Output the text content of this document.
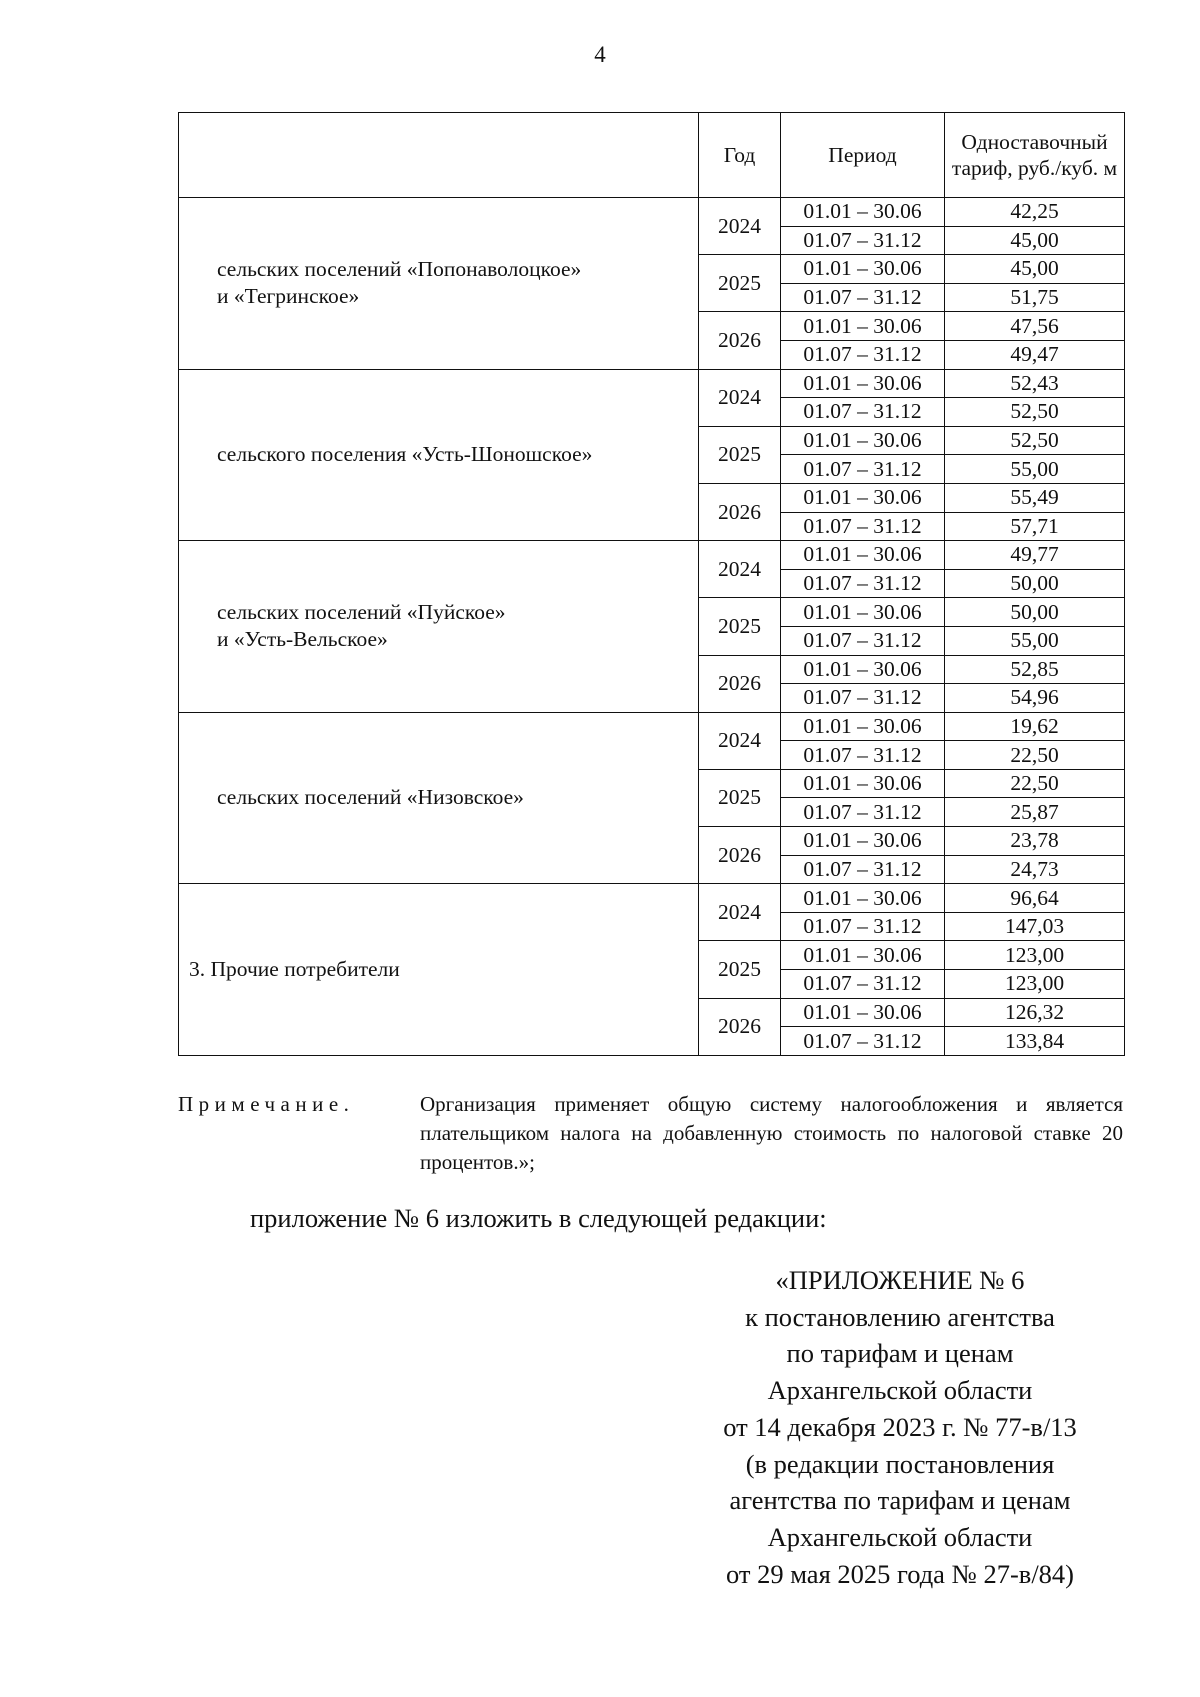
4
	Год	Период	Одноставочный тариф, руб./куб. м
сельских поселений «Попонаволоцкое»
и «Тегринское»	2024	01.01 – 30.06	42,25
		01.07 – 31.12	45,00
	2025	01.01 – 30.06	45,00
		01.07 – 31.12	51,75
	2026	01.01 – 30.06	47,56
		01.07 – 31.12	49,47
сельского поселения «Усть-Шоношское»	2024	01.01 – 30.06	52,43
		01.07 – 31.12	52,50
	2025	01.01 – 30.06	52,50
		01.07 – 31.12	55,00
	2026	01.01 – 30.06	55,49
		01.07 – 31.12	57,71
сельских поселений «Пуйское»
и «Усть-Вельское»	2024	01.01 – 30.06	49,77
		01.07 – 31.12	50,00
	2025	01.01 – 30.06	50,00
		01.07 – 31.12	55,00
	2026	01.01 – 30.06	52,85
		01.07 – 31.12	54,96
сельских поселений «Низовское»	2024	01.01 – 30.06	19,62
		01.07 – 31.12	22,50
	2025	01.01 – 30.06	22,50
		01.07 – 31.12	25,87
	2026	01.01 – 30.06	23,78
		01.07 – 31.12	24,73
3. Прочие потребители	2024	01.01 – 30.06	96,64
		01.07 – 31.12	147,03
	2025	01.01 – 30.06	123,00
		01.07 – 31.12	123,00
	2026	01.01 – 30.06	126,32
		01.07 – 31.12	133,84
Примечание.	Организация применяет общую систему налогообложения и является плательщиком налога на добавленную стоимость по налоговой ставке 20 процентов.»;
приложение № 6 изложить в следующей редакции:
«ПРИЛОЖЕНИЕ № 6
к постановлению агентства
по тарифам и ценам
Архангельской области
от 14 декабря 2023 г. № 77-в/13
(в редакции постановления
агентства по тарифам и ценам
Архангельской области
от 29 мая 2025 года № 27-в/84)
